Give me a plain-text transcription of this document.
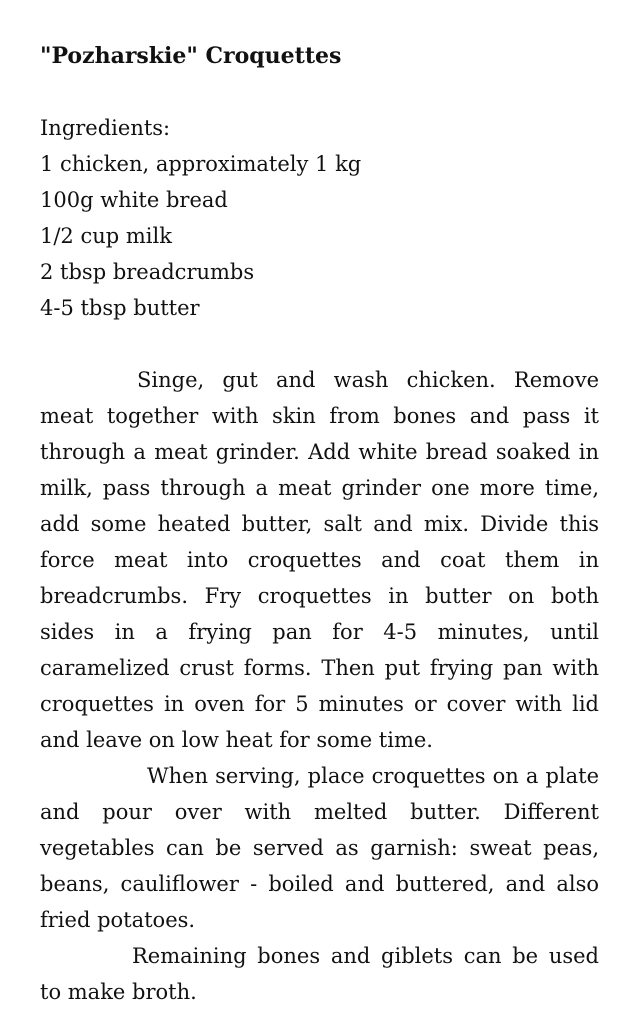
"Pozharskie" Croquettes
Ingredients:
1 chicken, approximately 1 kg
100g white bread
1/2 cup milk
2 tbsp breadcrumbs
4-5 tbsp butter

Singe, gut and wash chicken. Remove meat together with skin from bones and pass it through a meat grinder. Add white bread soaked in milk, pass through a meat grinder one more time, add some heated butter, salt and mix. Divide this force meat into croquettes and coat them in breadcrumbs. Fry croquettes in butter on both sides in a frying pan for 4-5 minutes, until caramelized crust forms. Then put frying pan with croquettes in oven for 5 minutes or cover with lid and leave on low heat for some time.

When serving, place croquettes on a plate and pour over with melted butter. Different vegetables can be served as garnish: sweat peas, beans, cauliflower - boiled and buttered, and also fried potatoes.

Remaining bones and giblets can be used to make broth.
